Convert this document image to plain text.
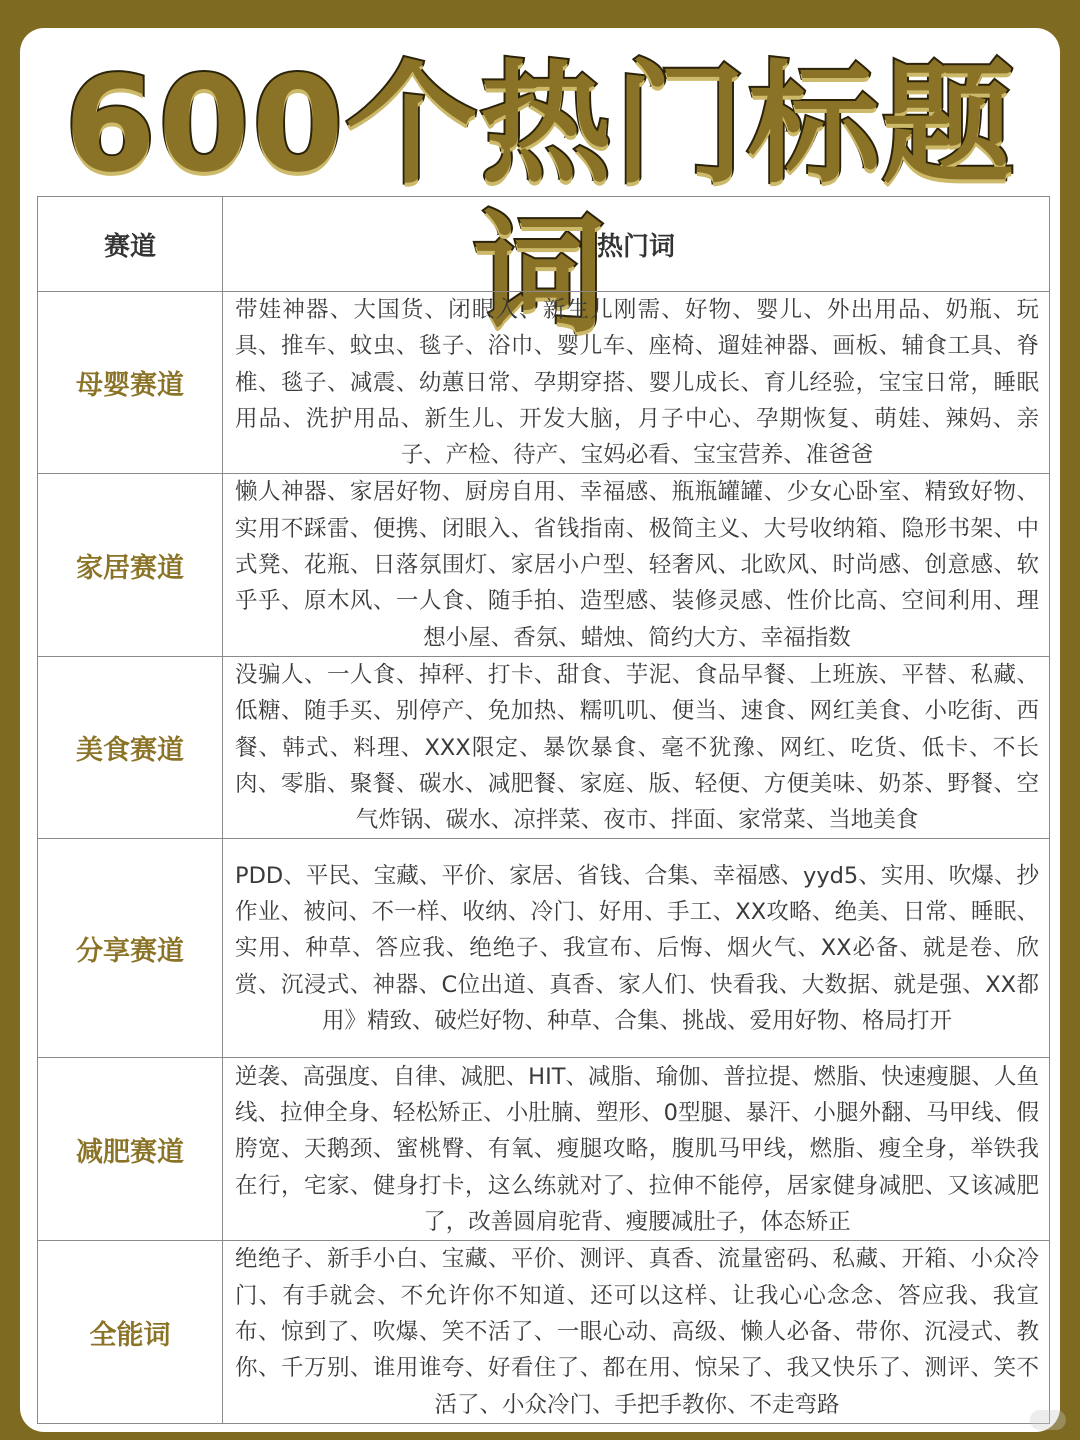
600个热门标题词
赛道	热门词
母婴赛道	带娃神器、大国货、闭眼入、新生儿刚需、好物、婴儿、外出用品、奶瓶、玩具、推车、蚊虫、毯子、浴巾、婴儿车、座椅、遛娃神器、画板、辅食工具、脊椎、毯子、减震、幼蕙日常、孕期穿搭、婴儿成长、育儿经验，宝宝日常，睡眠用品、洗护用品、新生儿、开发大脑，月子中心、孕期恢复、萌娃、辣妈、亲子、产检、待产、宝妈必看、宝宝营养、准爸爸
家居赛道	懒人神器、家居好物、厨房自用、幸福感、瓶瓶罐罐、少女心卧室、精致好物、实用不踩雷、便携、闭眼入、省钱指南、极简主义、大号收纳箱、隐形书架、中式凳、花瓶、日落氛围灯、家居小户型、轻奢风、北欧风、时尚感、创意感、软乎乎、原木风、一人食、随手拍、造型感、装修灵感、性价比高、空间利用、理想小屋、香氛、蜡烛、简约大方、幸福指数
美食赛道	没骗人、一人食、掉秤、打卡、甜食、芋泥、食品早餐、上班族、平替、私藏、低糖、随手买、别停产、免加热、糯叽叽、便当、速食、网红美食、小吃街、西餐、韩式、料理、XXX限定、暴饮暴食、毫不犹豫、网红、吃货、低卡、不长肉、零脂、聚餐、碳水、减肥餐、家庭、版、轻便、方便美味、奶茶、野餐、空气炸锅、碳水、凉拌菜、夜市、拌面、家常菜、当地美食
分享赛道	PDD、平民、宝藏、平价、家居、省钱、合集、幸福感、yyd5、实用、吹爆、抄作业、被问、不一样、收纳、冷门、好用、手工、XX攻略、绝美、日常、睡眠、实用、种草、答应我、绝绝子、我宣布、后悔、烟火气、XX必备、就是卷、欣赏、沉浸式、神器、C位出道、真香、家人们、快看我、大数据、就是强、XX都用》精致、破烂好物、种草、合集、挑战、爱用好物、格局打开
减肥赛道	逆袭、高强度、自律、减肥、HIT、减脂、瑜伽、普拉提、燃脂、快速瘦腿、人鱼线、拉伸全身、轻松矫正、小肚腩、塑形、0型腿、暴汗、小腿外翻、马甲线、假胯宽、天鹅颈、蜜桃臀、有氧、瘦腿攻略，腹肌马甲线，燃脂、瘦全身，举铁我在行，宅家、健身打卡，这么练就对了、拉伸不能停，居家健身减肥、又该减肥了，改善圆肩驼背、瘦腰减肚子，体态矫正
全能词	绝绝子、新手小白、宝藏、平价、测评、真香、流量密码、私藏、开箱、小众冷门、有手就会、不允许你不知道、还可以这样、让我心心念念、答应我、我宣布、惊到了、吹爆、笑不活了、一眼心动、高级、懒人必备、带你、沉浸式、教你、千万别、谁用谁夸、好看住了、都在用、惊呆了、我又快乐了、测评、笑不活了、小众冷门、手把手教你、不走弯路
